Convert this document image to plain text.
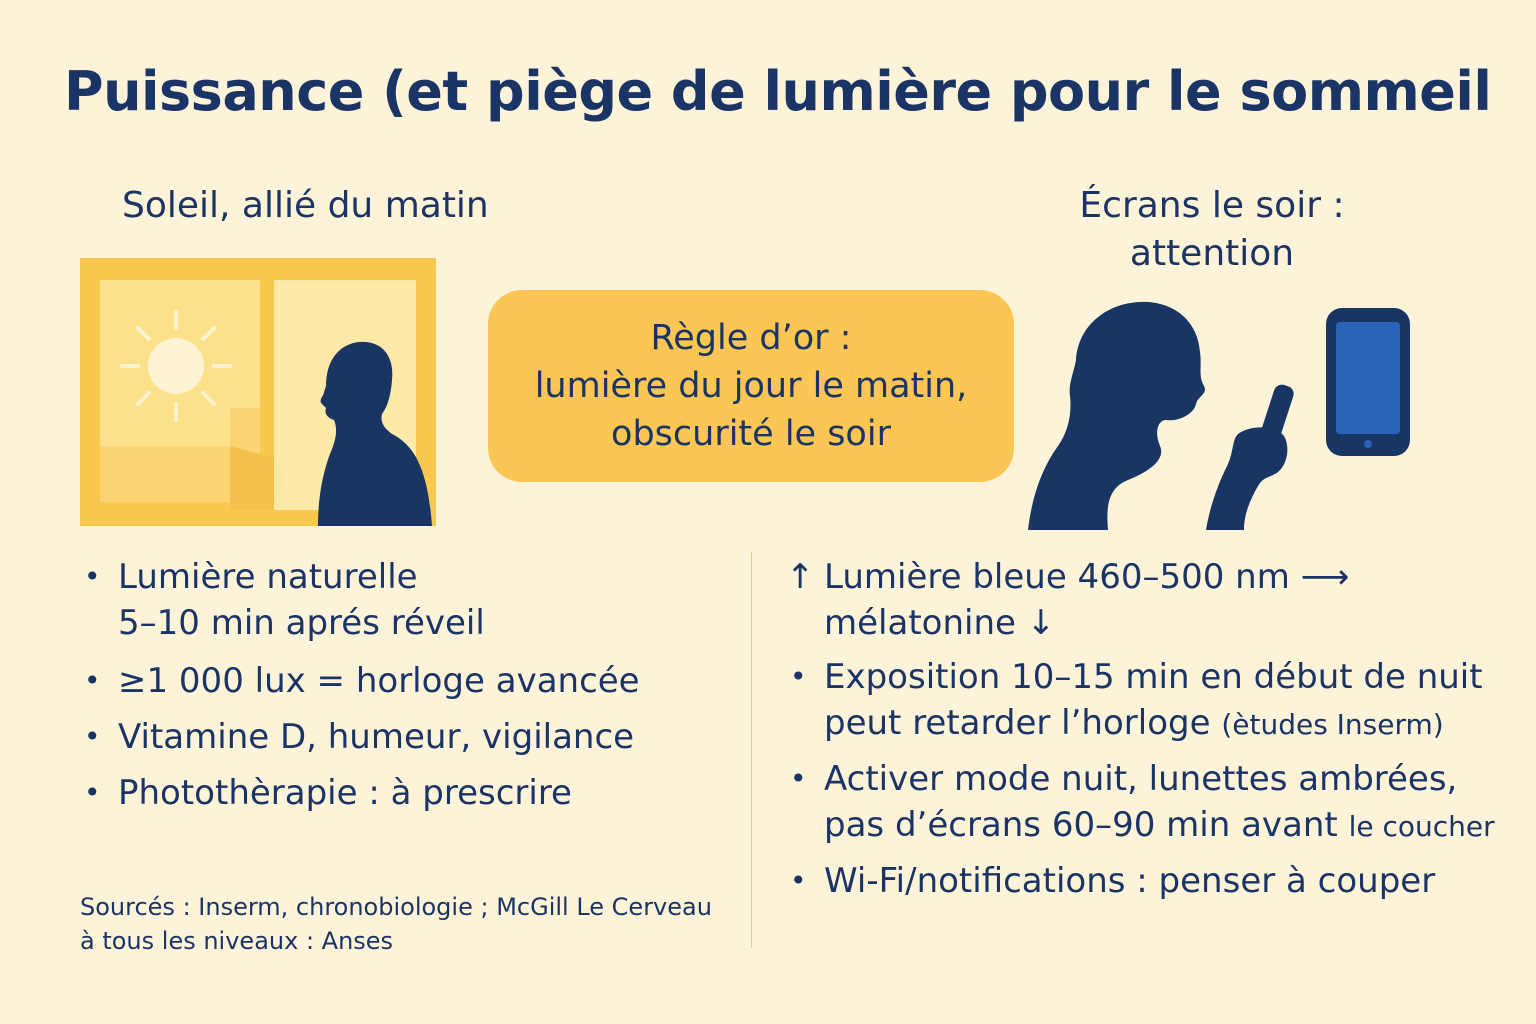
Puissance (et piège de lumière pour le sommeil
Soleil, allié du matin
• Lumière naturelle
5–10 min aprés réveil
• ≥1 000 lux = horloge avancée
• Vitamine D, humeur, vigilance
• Photothèrapie : à prescrire
Sourcés : Inserm, chronobiologie ; McGill Le Cerveau
à tous les niveaux : Anses
Règle d’or :
lumière du jour le matin,
obscurité le soir
Écrans le soir :
attention
↑ Lumière bleue 460–500 nm ⟶
mélatonine ↓
• Exposition 10–15 min en début de nuit
peut retarder l’horloge (ètudes Inserm)
• Activer mode nuit, lunettes ambrées,
pas d’écrans 60–90 min avant le coucher
• Wi-Fi/notifications : penser à couper
